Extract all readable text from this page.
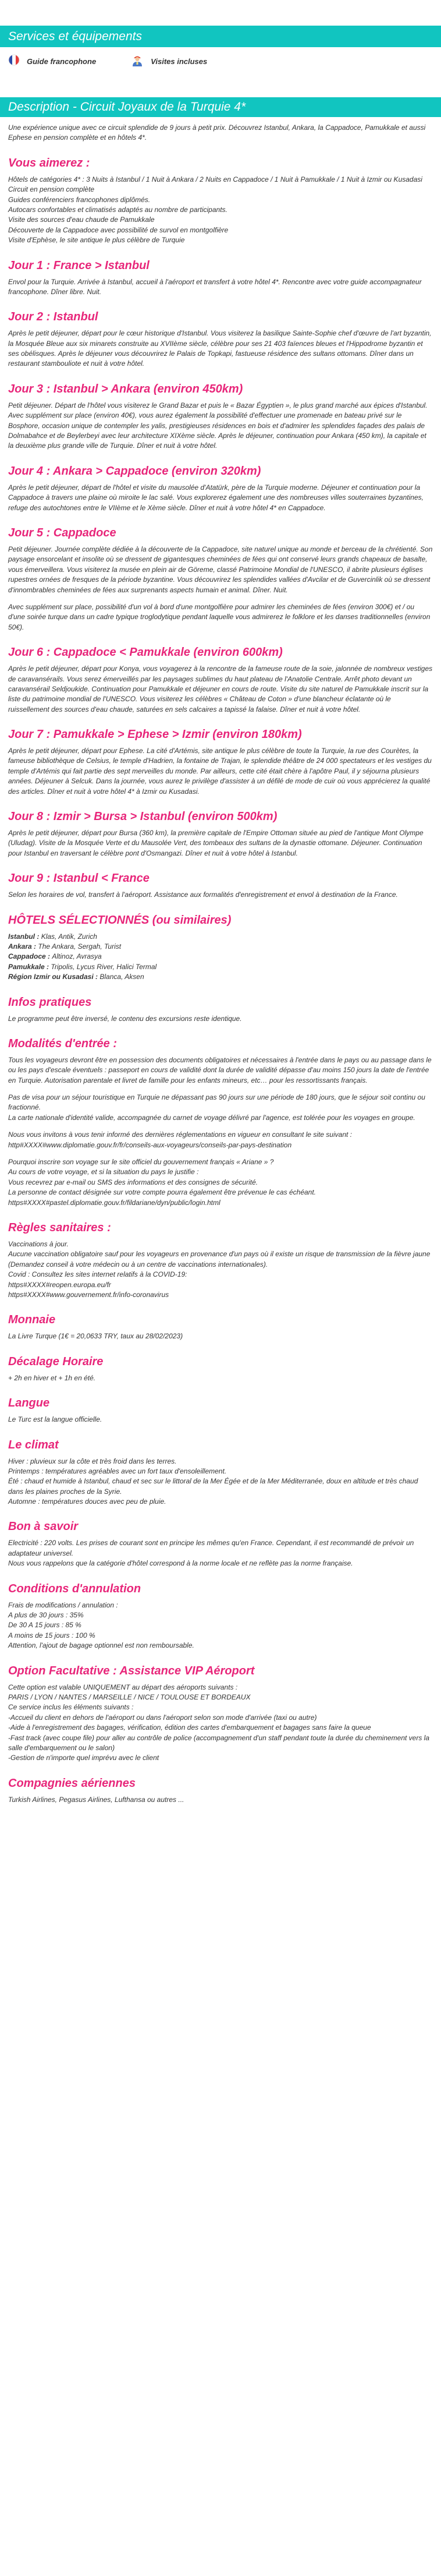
Services et équipements
Guide francophone	Visites incluses
Description - Circuit Joyaux de la Turquie 4*

Une expérience unique avec ce circuit splendide de 9 jours à petit prix. Découvrez Istanbul, Ankara, la Cappadoce, Pamukkale et aussi Ephese en pension complète et en hôtels 4*.

Vous aimerez :
Hôtels de catégories 4* : 3 Nuits à Istanbul / 1 Nuit à Ankara / 2 Nuits en Cappadoce / 1 Nuit à Pamukkale / 1 Nuit à Izmir ou Kusadasi
Circuit en pension complète
Guides conférenciers francophones diplômés.
Autocars confortables et climatisés adaptés au nombre de participants.
Visite des sources d'eau chaude de Pamukkale
Découverte de la Cappadoce avec possibilité de survol en montgolfière
Visite d'Ephèse, le site antique le plus célèbre de Turquie
Jour 1 : France > Istanbul

Envol pour la Turquie. Arrivée à Istanbul, accueil à l'aéroport et transfert à votre hôtel 4*. Rencontre avec votre guide accompagnateur francophone. Dîner libre. Nuit.

Jour 2 : Istanbul

Après le petit déjeuner, départ pour le cœur historique d'Istanbul. Vous visiterez la basilique Sainte-Sophie chef d'œuvre de l'art byzantin, la Mosquée Bleue aux six minarets construite au XVIIème siècle, célèbre pour ses 21 403 faïences bleues et l'Hippodrome byzantin et ses obélisques. Après le déjeuner vous découvrirez le Palais de Topkapi, fastueuse résidence des sultans ottomans. Dîner dans un restaurant stambouliote et nuit à votre hôtel.

Jour 3 : Istanbul > Ankara (environ 450km)

Petit déjeuner. Départ de l'hôtel vous visiterez le Grand Bazar et puis le « Bazar Égyptien », le plus grand marché aux épices d'Istanbul. Avec supplément sur place (environ 40€), vous aurez également la possibilité d'effectuer une promenade en bateau privé sur le Bosphore, occasion unique de contempler les yalis, prestigieuses résidences en bois et d'admirer les splendides façades des palais de Dolmabahce et de Beylerbeyi avec leur architecture XIXème siècle. Après le déjeuner, continuation pour Ankara (450 km), la capitale et la deuxième plus grande ville de Turquie. Dîner et nuit à votre hôtel.

Jour 4 : Ankara > Cappadoce (environ 320km)

Après le petit déjeuner, départ de l'hôtel et visite du mausolée d'Atatürk, père de la Turquie moderne. Déjeuner et continuation pour la Cappadoce à travers une plaine où miroite le lac salé. Vous explorerez également une des nombreuses villes souterraines byzantines, refuge des autochtones entre le VIIème et le Xème siècle. Dîner et nuit à votre hôtel 4* en Cappadoce.

Jour 5 : Cappadoce

Petit déjeuner. Journée complète dédiée à la découverte de la Cappadoce, site naturel unique au monde et berceau de la chrétienté. Son paysage ensorcelant et insolite où se dressent de gigantesques cheminées de fées qui ont conservé leurs grands chapeaux de basalte, vous émerveillera. Vous visiterez la musée en plein air de Göreme, classé Patrimoine Mondial de l'UNESCO, il abrite plusieurs églises rupestres ornées de fresques de la période byzantine. Vous découvrirez les splendides vallées d'Avcilar et de Guvercinlik où se dressent d'innombrables cheminées de fées aux surprenants aspects humain et animal. Dîner. Nuit.

Avec supplément sur place, possibilité d'un vol à bord d'une montgolfière pour admirer les cheminées de fées (environ 300€) et / ou d'une soirée turque dans un cadre typique troglodytique pendant laquelle vous admirerez le folklore et les danses traditionnelles (environ 50€).

Jour 6 : Cappadoce < Pamukkale (environ 600km)

Après le petit déjeuner, départ pour Konya, vous voyagerez à la rencontre de la fameuse route de la soie, jalonnée de nombreux vestiges de caravansérails. Vous serez émerveillés par les paysages sublimes du haut plateau de l'Anatolie Centrale. Arrêt photo devant un caravansérail Seldjoukide. Continuation pour Pamukkale et déjeuner en cours de route. Visite du site naturel de Pamukkale inscrit sur la liste du patrimoine mondial de l'UNESCO. Vous visiterez les célèbres « Château de Coton » d'une blancheur éclatante où le ruissellement des sources d'eau chaude, saturées en sels calcaires a tapissé la falaise. Dîner et nuit à votre hôtel.

Jour 7 : Pamukkale > Ephese > Izmir (environ 180km)

Après le petit déjeuner, départ pour Ephese. La cité d'Artémis, site antique le plus célèbre de toute la Turquie, la rue des Courètes, la fameuse bibliothèque de Celsius, le temple d'Hadrien, la fontaine de Trajan, le splendide théâtre de 24 000 spectateurs et les vestiges du temple d'Artémis qui fait partie des sept merveilles du monde. Par ailleurs, cette cité était chère à l'apôtre Paul, il y séjourna plusieurs années. Déjeuner à Selcuk. Dans la journée, vous aurez le privilège d'assister à un défilé de mode de cuir où vous apprécierez la qualité des articles. Dîner et nuit à votre hôtel 4* à Izmir ou Kusadasi.

Jour 8 : Izmir > Bursa > Istanbul (environ 500km)

Après le petit déjeuner, départ pour Bursa (360 km), la première capitale de l'Empire Ottoman située au pied de l'antique Mont Olympe (Uludag). Visite de la Mosquée Verte et du Mausolée Vert, des tombeaux des sultans de la dynastie ottomane. Déjeuner. Continuation pour Istanbul en traversant le célèbre pont d'Osmangazi. Dîner et nuit à votre hôtel à Istanbul.

Jour 9 : Istanbul < France

Selon les horaires de vol, transfert à l'aéroport. Assistance aux formalités d'enregistrement et envol à destination de la France.

HÔTELS SÉLECTIONNÉS (ou similaires)
Istanbul : Klas, Antik, Zurich
Ankara : The Ankara, Sergah, Turist
Cappadoce : Altinoz, Avrasya
Pamukkale : Tripolis, Lycus River, Halici Termal
Région Izmir ou Kusadasi : Blanca, Aksen
Infos pratiques

Le programme peut être inversé, le contenu des excursions reste identique.

Modalités d'entrée :

Tous les voyageurs devront être en possession des documents obligatoires et nécessaires à l'entrée dans le pays ou au passage dans le ou les pays d'escale éventuels : passeport en cours de validité dont la durée de validité dépasse d'au moins 150 jours la date de l'entrée en Turquie. Autorisation parentale et livret de famille pour les enfants mineurs, etc… pour les ressortissants français.

Pas de visa pour un séjour touristique en Turquie ne dépassant pas 90 jours sur une période de 180 jours, que le séjour soit continu ou fractionné.

La carte nationale d'identité valide, accompagnée du carnet de voyage délivré par l'agence, est tolérée pour les voyages en groupe.

Nous vous invitons à vous tenir informé des dernières réglementations en vigueur en consultant le site suivant : http#XXXX#www.diplomatie.gouv.fr/fr/conseils-aux-voyageurs/conseils-par-pays-destination

Pourquoi inscrire son voyage sur le site officiel du gouvernement français « Ariane » ?
Au cours de votre voyage, et si la situation du pays le justifie :
Vous recevrez par e-mail ou SMS des informations et des consignes de sécurité.
La personne de contact désignée sur votre compte pourra également être prévenue le cas échéant.
https#XXXX#pastel.diplomatie.gouv.fr/fildariane/dyn/public/login.html
Règles sanitaires :
Vaccinations à jour.
Aucune vaccination obligatoire sauf pour les voyageurs en provenance d'un pays où il existe un risque de transmission de la fièvre jaune (Demandez conseil à votre médecin ou à un centre de vaccinations internationales).
Covid : Consultez les sites internet relatifs à la COVID-19:
https#XXXX#reopen.europa.eu/fr
https#XXXX#www.gouvernement.fr/info-coronavirus
Monnaie

La Livre Turque (1€ = 20,0633 TRY, taux au 28/02/2023)

Décalage Horaire

+ 2h en hiver et + 1h en été.

Langue

Le Turc est la langue officielle.

Le climat
Hiver : pluvieux sur la côte et très froid dans les terres.
Printemps : températures agréables avec un fort taux d'ensoleillement.
Été : chaud et humide à Istanbul, chaud et sec sur le littoral de la Mer Égée et de la Mer Méditerranée, doux en altitude et très chaud dans les plaines proches de la Syrie.
Automne : températures douces avec peu de pluie.
Bon à savoir
Electricité : 220 volts. Les prises de courant sont en principe les mêmes qu'en France. Cependant, il est recommandé de prévoir un adaptateur universel.
Nous vous rappelons que la catégorie d'hôtel correspond à la norme locale et ne reflète pas la norme française.
Conditions d'annulation
Frais de modifications / annulation :
A plus de 30 jours : 35%
De 30 A 15 jours : 85 %
A moins de 15 jours : 100 %
Attention, l'ajout de bagage optionnel est non remboursable.
Option Facultative : Assistance VIP Aéroport
Cette option est valable UNIQUEMENT au départ des aéroports suivants :
PARIS / LYON / NANTES / MARSEILLE / NICE / TOULOUSE ET BORDEAUX
Ce service inclus les éléments suivants :
-Accueil du client en dehors de l'aéroport ou dans l'aéroport selon son mode d'arrivée (taxi ou autre)
-Aide à l'enregistrement des bagages, vérification, édition des cartes d'embarquement et bagages sans faire la queue
-Fast track (avec coupe file) pour aller au contrôle de police (accompagnement d'un staff pendant toute la durée du cheminement vers la salle d'embarquement ou le salon)
-Gestion de n'importe quel imprévu avec le client
Compagnies aériennes

Turkish Airlines, Pegasus Airlines, Lufthansa ou autres ...
